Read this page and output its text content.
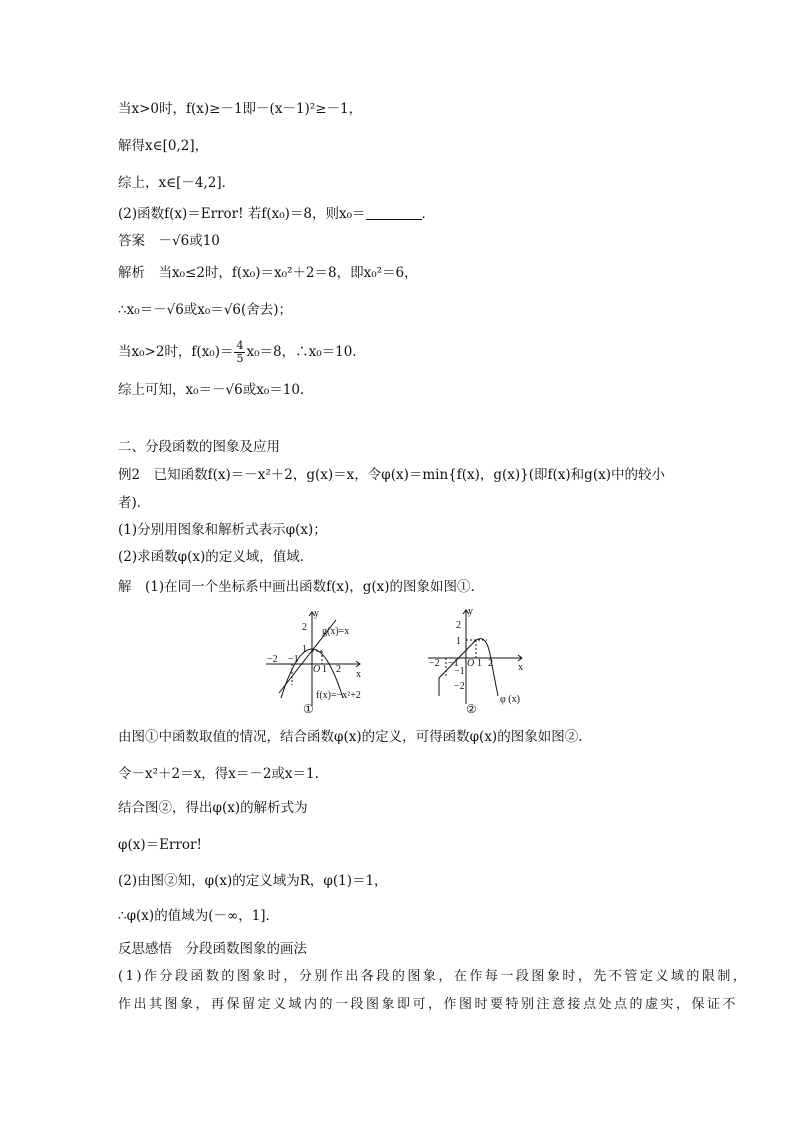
当x>0时，f(x)≥－1即－(x－1)²≥－1，
解得x∈[0,2]，
综上，x∈[－4,2]．
(2)函数f(x)＝Error! 若f(x₀)＝8，则x₀＝	．
答案　－√6或10
解析　当x₀≤2时，f(x₀)＝x₀²＋2＝8，即x₀²＝6，
∴x₀＝－√6或x₀＝√6(舍去)；
当x₀>2时，$f(x_0)= \frac{4}{5} x_0=8$，∴x₀＝10.
综上可知，x₀＝－√6或x₀＝10.
二、分段函数的图象及应用
例2　已知函数f(x)＝－x²＋2，g(x)＝x，令φ(x)＝min{f(x)，g(x)}(即f(x)和g(x)中的较小
者)．
(1)分别用图象和解析式表示φ(x)；
(2)求函数φ(x)的定义域，值域．
解　(1)在同一个坐标系中画出函数f(x)，g(x)的图象如图①.
y
x
2
1
−2 −1
O 1 2
g(x)=x
f(x)=−x²+2
①
y
x
2
1
−2 −1 O 1 2
−1
−2
φ (x)
②
由图①中函数取值的情况，结合函数φ(x)的定义，可得函数φ(x)的图象如图②.
令－x²＋2＝x，得x＝－2或x＝1.
结合图②，得出φ(x)的解析式为
φ(x)＝Error!
(2)由图②知，φ(x)的定义域为R，φ(1)＝1，
∴φ(x)的值域为(－∞，1]．
反思感悟　分段函数图象的画法
(1)作分段函数的图象时，分别作出各段的图象，在作每一段图象时，先不管定义域的限制，
作出其图象，再保留定义域内的一段图象即可，作图时要特别注意接点处点的虚实，保证不
